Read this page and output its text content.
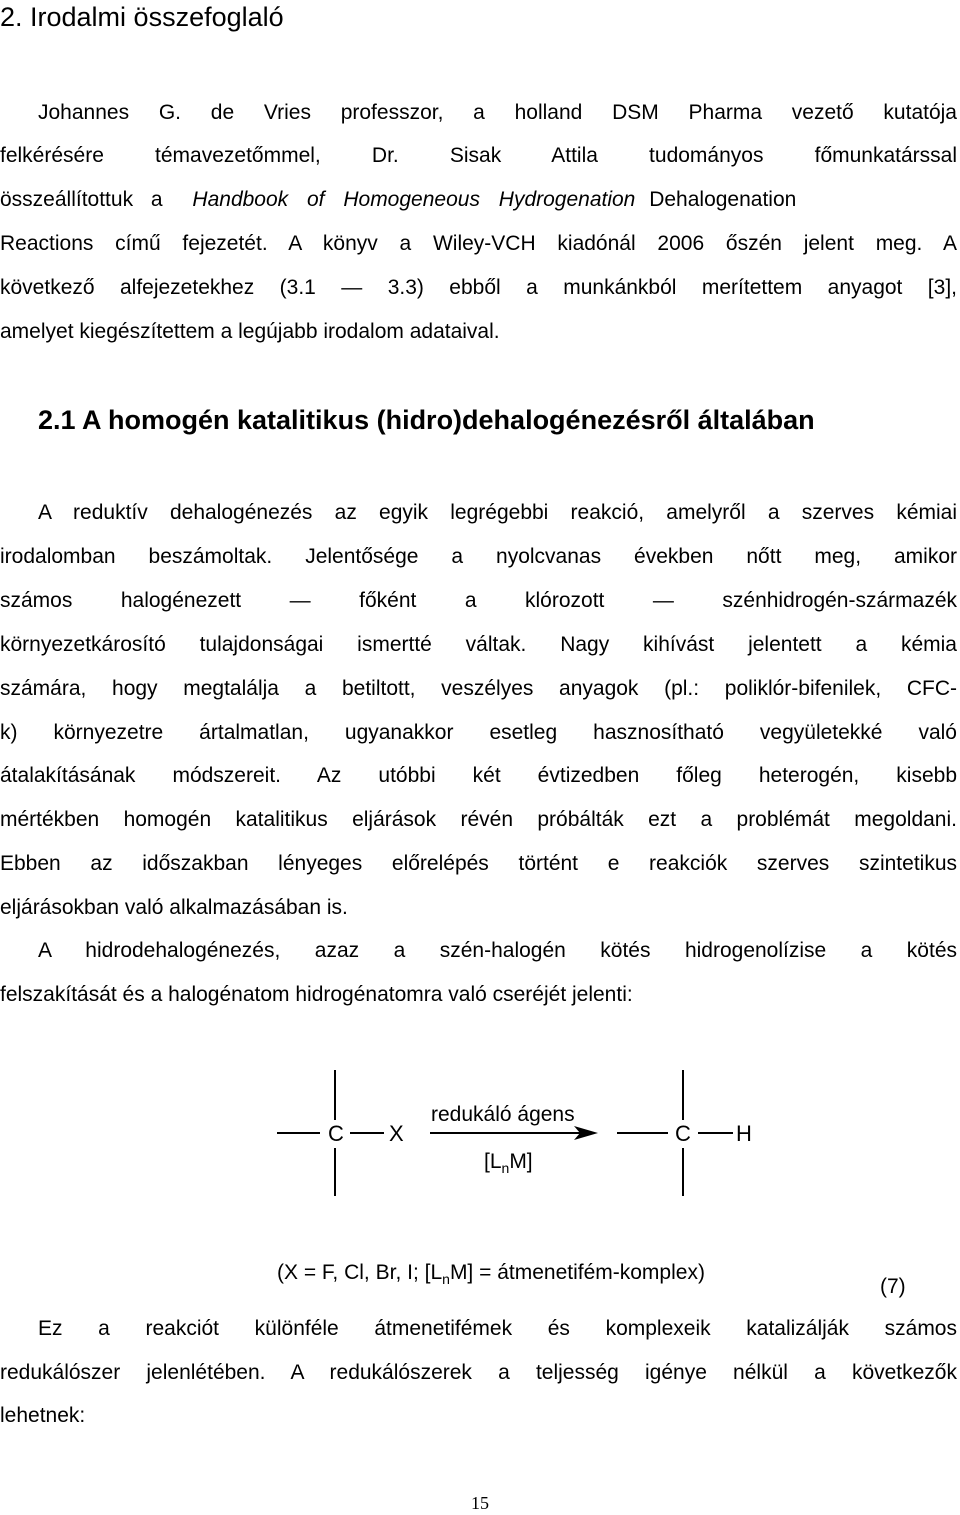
2. Irodalmi összefoglaló
Johannes G. de Vries professzor, a holland DSM Pharma vezető kutatója
felkérésére témavezetőmmel, Dr. Sisak Attila tudományos főmunkatárssal
összeállítottuk a Handbook of Homogeneous Hydrogenation Dehalogenation
Reactions című fejezetét. A könyv a Wiley-VCH kiadónál 2006 őszén jelent meg. A
következő alfejezetekhez (3.1 — 3.3) ebből a munkánkból merítettem anyagot [3],
amelyet kiegészítettem a legújabb irodalom adataival.
2.1 A homogén katalitikus (hidro)dehalogénezésről általában
A reduktív dehalogénezés az egyik legrégebbi reakció, amelyről a szerves kémiai
irodalomban beszámoltak. Jelentősége a nyolcvanas években nőtt meg, amikor
számos halogénezett — főként a klórozott — szénhidrogén-származék
környezetkárosító tulajdonságai ismertté váltak. Nagy kihívást jelentett a kémia
számára, hogy megtalálja a betiltott, veszélyes anyagok (pl.: poliklór-bifenilek, CFC-
k) környezetre ártalmatlan, ugyanakkor esetleg hasznosítható vegyületekké való
átalakításának módszereit. Az utóbbi két évtizedben főleg heterogén, kisebb
mértékben homogén katalitikus eljárások révén próbálták ezt a problémát megoldani.
Ebben az időszakban lényeges előrelépés történt e reakciók szerves szintetikus
eljárásokban való alkalmazásában is.
A hidrodehalogénezés, azaz a szén-halogén kötés hidrogenolízise a kötés
felszakítását és a halogénatom hidrogénatomra való cseréjét jelenti:
C X
redukáló ágens
$[L_nM]$
C H
(X = F, Cl, Br, I; $[L_nM]$ = átmenetifém-komplex)
(7)
Ez a reakciót különféle átmenetifémek és komplexeik katalizálják számos
redukálószer jelenlétében. A redukálószerek a teljesség igénye nélkül a következők
lehetnek:
15
